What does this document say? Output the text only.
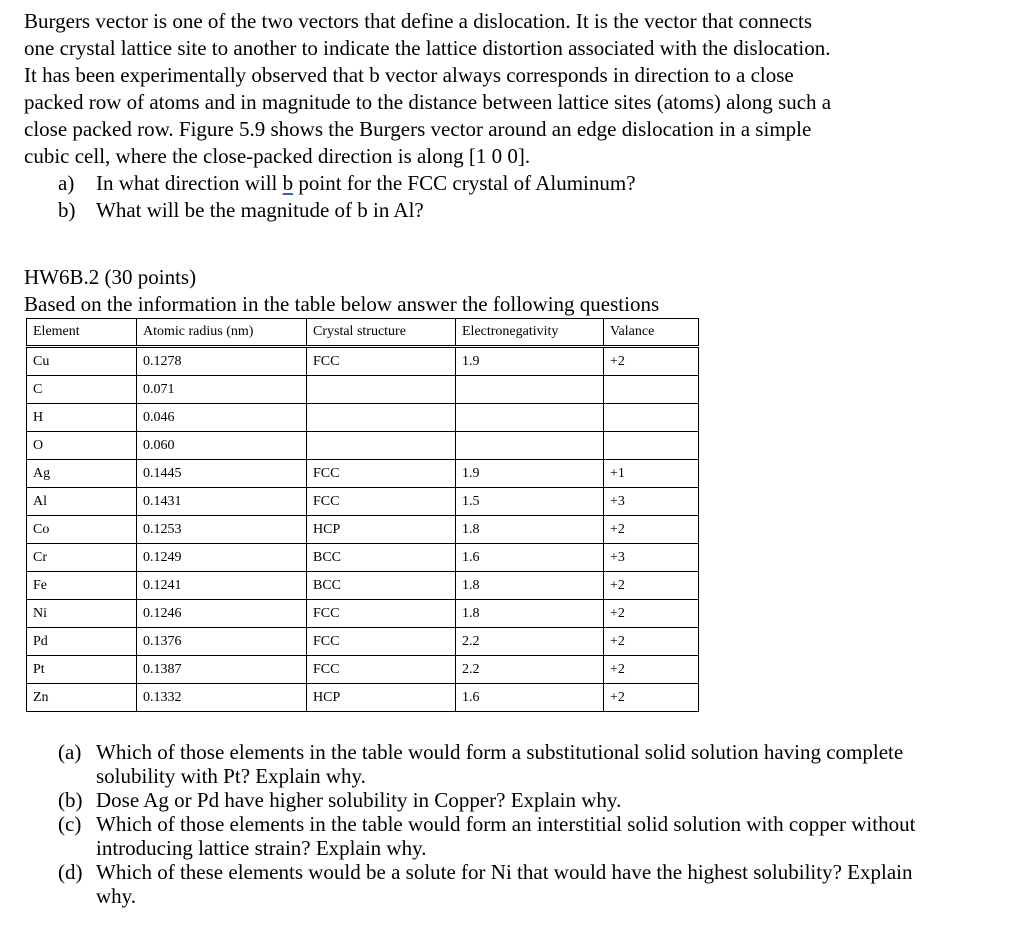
Burgers vector is one of the two vectors that define a dislocation. It is the vector that connects
one crystal lattice site to another to indicate the lattice distortion associated with the dislocation.
It has been experimentally observed that b vector always corresponds in direction to a close
packed row of atoms and in magnitude to the distance between lattice sites (atoms) along such a
close packed row. Figure 5.9 shows the Burgers vector around an edge dislocation in a simple
cubic cell, where the close-packed direction is along [1 0 0].
a)	In what direction will b point for the FCC crystal of Aluminum?
b) What will be the magnitude of b in Al?
HW6B.2 (30 points)
Based on the information in the table below answer the following questions
Element	Atomic radius (nm)	Crystal structure	Electronegativity	Valance
Cu	0.1278	FCC	1.9	+2
C	0.071			
H	0.046			
O	0.060			
Ag	0.1445	FCC	1.9	+1
Al	0.1431	FCC	1.5	+3
Co	0.1253	HCP	1.8	+2
Cr	0.1249	BCC	1.6	+3
Fe	0.1241	BCC	1.8	+2
Ni	0.1246	FCC	1.8	+2
Pd	0.1376	FCC	2.2	+2
Pt	0.1387	FCC	2.2	+2
Zn	0.1332	HCP	1.6	+2
(a) Which of those elements in the table would form a substitutional solid solution having complete
solubility with Pt? Explain why.
(b) Dose Ag or Pd have higher solubility in Copper? Explain why.
(c) Which of those elements in the table would form an interstitial solid solution with copper without
introducing lattice strain? Explain why.
(d) Which of these elements would be a solute for Ni that would have the highest solubility? Explain
why.
